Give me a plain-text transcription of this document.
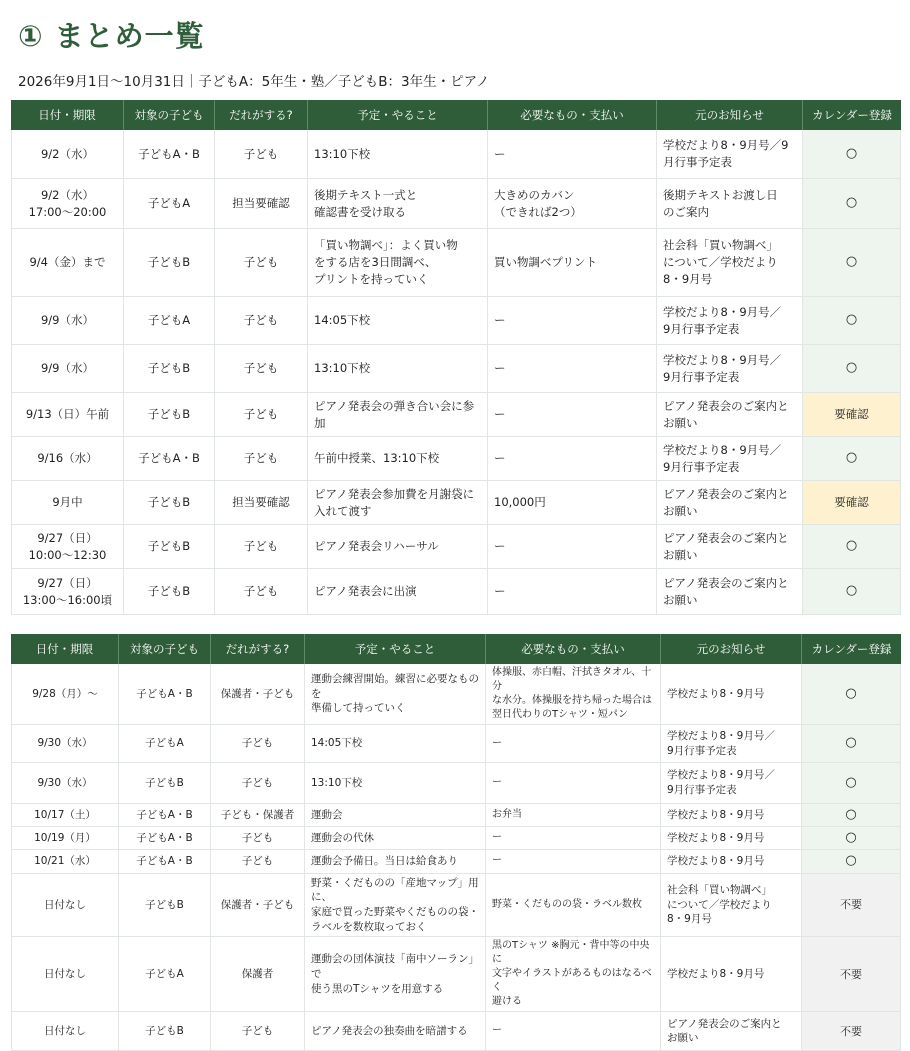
① まとめ一覧
2026年9月1日〜10月31日｜子どもA：5年生・塾／子どもB：3年生・ピアノ
日付・期限	対象の子ども	だれがする?	予定・やること	必要なもの・支払い	元のお知らせ	カレンダー登録
9/2（水）	子どもA・B	子ども	13:10下校	ー	学校だより8・9月号／9月行事予定表	○
9/2（水）
17:00〜20:00	子どもA	担当要確認	後期テキスト一式と
確認書を受け取る	大きめのカバン
（できれば2つ）	後期テキストお渡し日
のご案内	○
9/4（金）まで	子どもB	子ども	「買い物調べ」：よく買い物
をする店を3日間調べ、
プリントを持っていく	買い物調べプリント	社会科「買い物調べ」
について／学校だより
8・9月号	○
9/9（水）	子どもA	子ども	14:05下校	ー	学校だより8・9月号／
9月行事予定表	○
9/9（水）	子どもB	子ども	13:10下校	ー	学校だより8・9月号／
9月行事予定表	○
9/13（日）午前	子どもB	子ども	ピアノ発表会の弾き合い会に参加	ー	ピアノ発表会のご案内と
お願い	要確認
9/16（水）	子どもA・B	子ども	午前中授業、13:10下校	ー	学校だより8・9月号／
9月行事予定表	○
9月中	子どもB	担当要確認	ピアノ発表会参加費を月謝袋に
入れて渡す	10,000円	ピアノ発表会のご案内と
お願い	要確認
9/27（日）
10:00〜12:30	子どもB	子ども	ピアノ発表会リハーサル	ー	ピアノ発表会のご案内と
お願い	○
9/27（日）
13:00〜16:00頃	子どもB	子ども	ピアノ発表会に出演	ー	ピアノ発表会のご案内と
お願い	○
日付・期限	対象の子ども	だれがする?	予定・やること	必要なもの・支払い	元のお知らせ	カレンダー登録
9/28（月）〜	子どもA・B	保護者・子ども	運動会練習開始。練習に必要なものを
準備して持っていく	体操服、赤白帽、汗拭きタオル、十分
な水分。体操服を持ち帰った場合は
翌日代わりのTシャツ・短パン	学校だより8・9月号	○
9/30（水）	子どもA	子ども	14:05下校	ー	学校だより8・9月号／
9月行事予定表	○
9/30（水）	子どもB	子ども	13:10下校	ー	学校だより8・9月号／
9月行事予定表	○
10/17（土）	子どもA・B	子ども・保護者	運動会	お弁当	学校だより8・9月号	○
10/19（月）	子どもA・B	子ども	運動会の代休	ー	学校だより8・9月号	○
10/21（水）	子どもA・B	子ども	運動会予備日。当日は給食あり	ー	学校だより8・9月号	○
日付なし	子どもB	保護者・子ども	野菜・くだものの「産地マップ」用に、
家庭で買った野菜やくだものの袋・
ラベルを数枚取っておく	野菜・くだものの袋・ラベル数枚	社会科「買い物調べ」
について／学校だより
8・9月号	不要
日付なし	子どもA	保護者	運動会の団体演技「南中ソーラン」で
使う黒のTシャツを用意する	黒のTシャツ ※胸元・背中等の中央に
文字やイラストがあるものはなるべく
避ける	学校だより8・9月号	不要
日付なし	子どもB	子ども	ピアノ発表会の独奏曲を暗譜する	ー	ピアノ発表会のご案内と
お願い	不要
